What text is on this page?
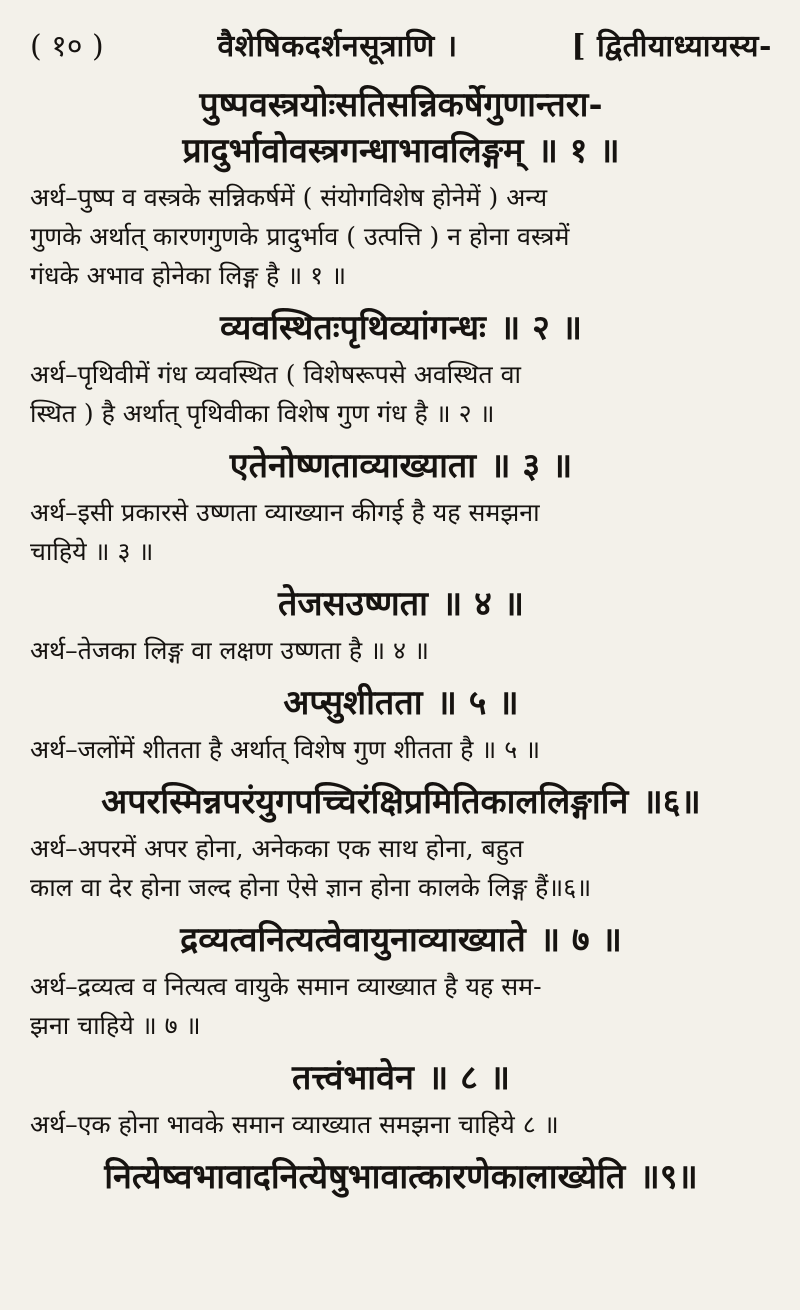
( १० )	वैशेषिकदर्शनसूत्राणि ।	[ द्वितीयाध्यायस्य-
पुष्पवस्त्रयोःसतिसन्निकर्षेगुणान्तरा-
प्रादुर्भावोवस्त्रगन्धाभावलिङ्गम् ॥ १ ॥

अर्थ–पुष्प व वस्त्रके सन्निकर्षमें ( संयोगविशेष होनेमें ) अन्य

गुणके अर्थात् कारणगुणके प्रादुर्भाव ( उत्पत्ति ) न होना वस्त्रमें

गंधके अभाव होनेका लिङ्ग है ॥ १ ॥

व्यवस्थितःपृथिव्यांगन्धः ॥ २ ॥

अर्थ–पृथिवीमें गंध व्यवस्थित ( विशेषरूपसे अवस्थित वा

स्थित ) है अर्थात् पृथिवीका विशेष गुण गंध है ॥ २ ॥

एतेनोष्णताव्याख्याता ॥ ३ ॥

अर्थ–इसी प्रकारसे उष्णता व्याख्यान कीगई है यह समझना

चाहिये ॥ ३ ॥

तेजसउष्णता ॥ ४ ॥

अर्थ–तेजका लिङ्ग वा लक्षण उष्णता है ॥ ४ ॥

अप्सुशीतता ॥ ५ ॥

अर्थ–जलोंमें शीतता है अर्थात् विशेष गुण शीतता है ॥ ५ ॥

अपरस्मिन्नपरंयुगपच्चिरंक्षिप्रमितिकाललिङ्गानि ॥६॥

अर्थ–अपरमें अपर होना, अनेकका एक साथ होना, बहुत

काल वा देर होना जल्द होना ऐसे ज्ञान होना कालके लिङ्ग हैं॥६॥

द्रव्यत्वनित्यत्वेवायुनाव्याख्याते ॥ ७ ॥

अर्थ–द्रव्यत्व व नित्यत्व वायुके समान व्याख्यात है यह सम-

झना चाहिये ॥ ७ ॥

तत्त्वंभावेन ॥ ८ ॥

अर्थ–एक होना भावके समान व्याख्यात समझना चाहिये ८ ॥

नित्येष्वभावादनित्येषुभावात्कारणेकालाख्येति ॥९॥
